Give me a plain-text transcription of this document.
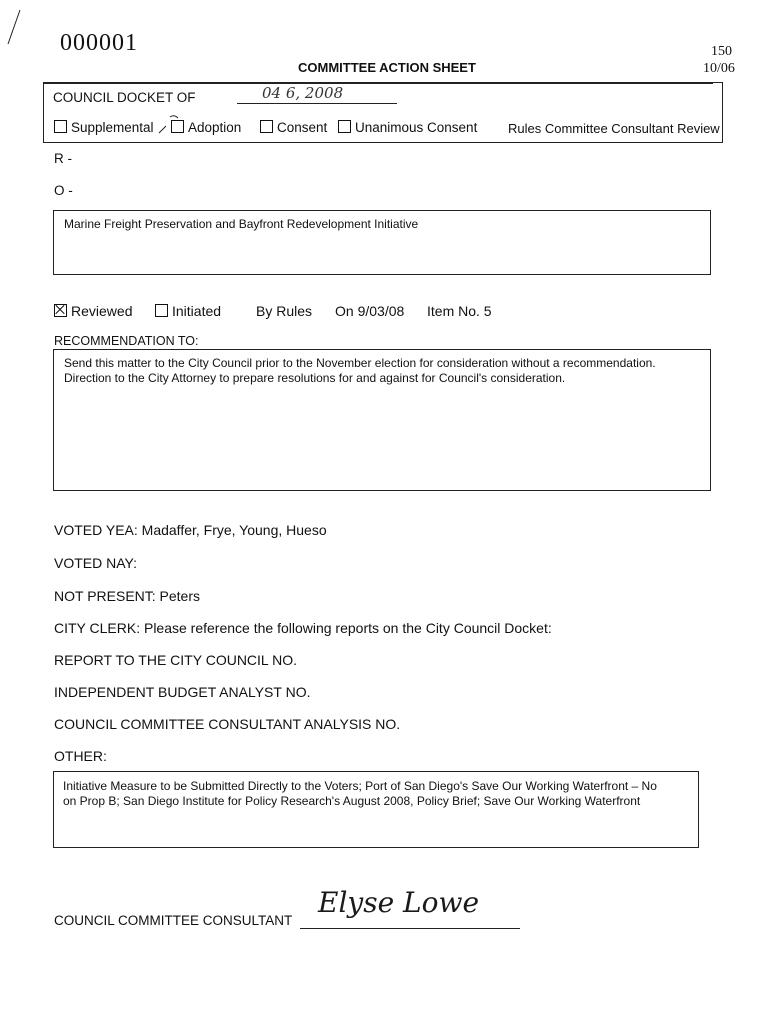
000001	150
10/06
COMMITTEE ACTION SHEET
COUNCIL DOCKET OF	04 6, 2008
Supplemental	Adoption	Consent	Unanimous Consent Rules Committee Consultant Review
R -
O -
Marine Freight Preservation and Bayfront Redevelopment Initiative
Reviewed	Initiated By Rules On 9/03/08 Item No. 5
RECOMMENDATION TO:
Send this matter to the City Council prior to the November election for consideration without a recommendation.
Direction to the City Attorney to prepare resolutions for and against for Council's consideration.
VOTED YEA: Madaffer, Frye, Young, Hueso
VOTED NAY:
NOT PRESENT: Peters
CITY CLERK: Please reference the following reports on the City Council Docket:
REPORT TO THE CITY COUNCIL NO.
INDEPENDENT BUDGET ANALYST NO.
COUNCIL COMMITTEE CONSULTANT ANALYSIS NO.
OTHER:
Initiative Measure to be Submitted Directly to the Voters; Port of San Diego's Save Our Working Waterfront – No
on Prop B; San Diego Institute for Policy Research's August 2008, Policy Brief; Save Our Working Waterfront
COUNCIL COMMITTEE CONSULTANT
Elyse Lowe
